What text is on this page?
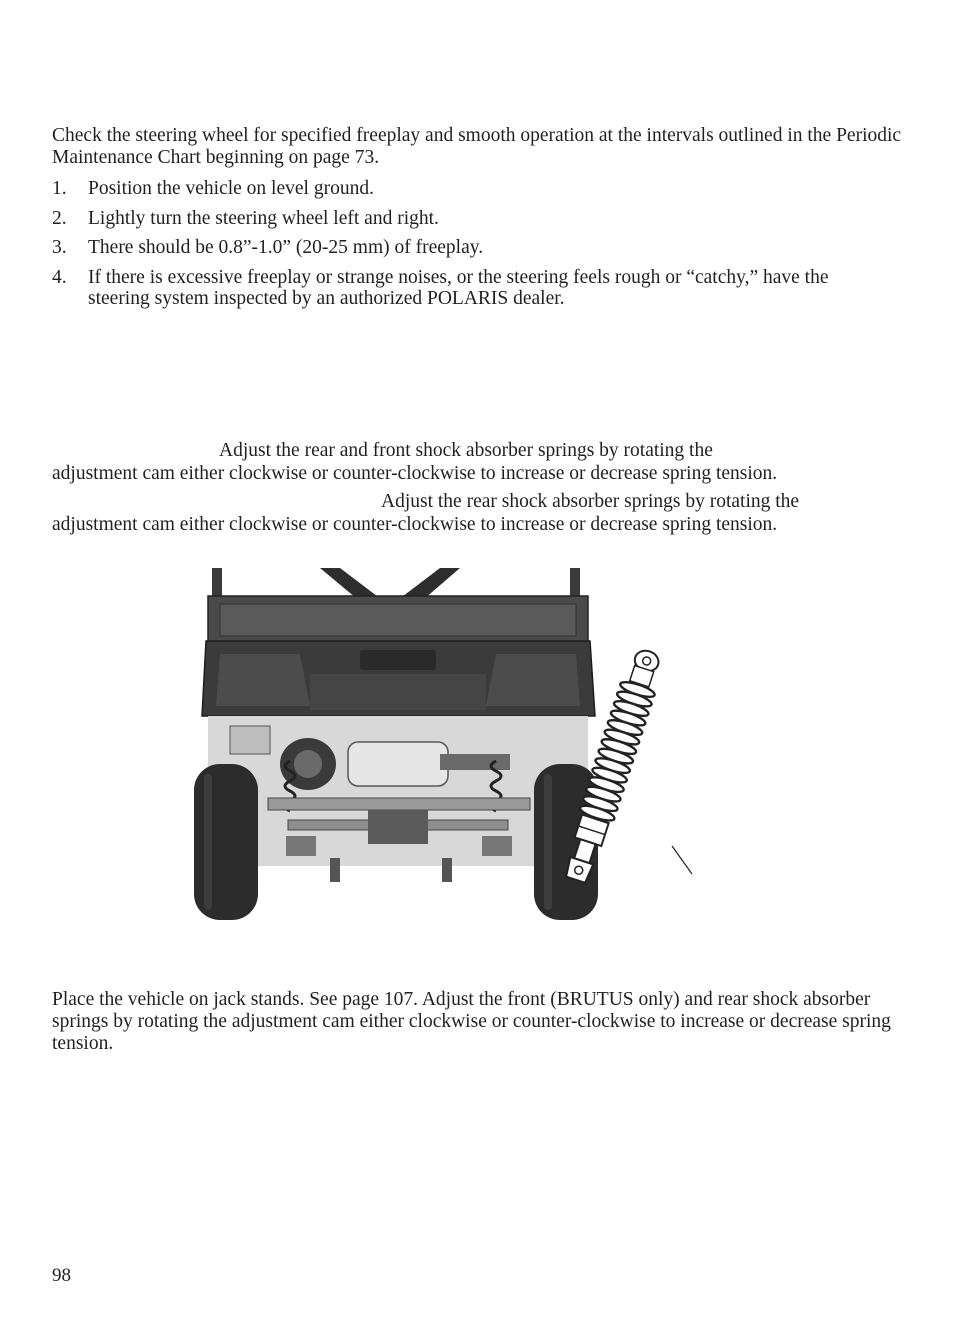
Check the steering wheel for specified freeplay and smooth operation at the intervals outlined in the Periodic Maintenance Chart beginning on page 73.

1. Position the vehicle on level ground.
2. Lightly turn the steering wheel left and right.
3. There should be 0.8”-1.0” (20-25 mm) of freeplay.
4. If there is excessive freeplay or strange noises, or the steering feels rough or “catchy,” have the steering system inspected by an authorized POLARIS dealer.
Adjust the rear and front shock absorber springs by rotating the
adjustment cam either clockwise or counter-clockwise to increase or decrease spring tension.
Adjust the rear shock absorber springs by rotating the
adjustment cam either clockwise or counter-clockwise to increase or decrease spring tension.

Place the vehicle on jack stands. See page 107. Adjust the front (BRUTUS only) and rear shock absorber springs by rotating the adjustment cam either clockwise or counter-clockwise to increase or decrease spring tension.

98
